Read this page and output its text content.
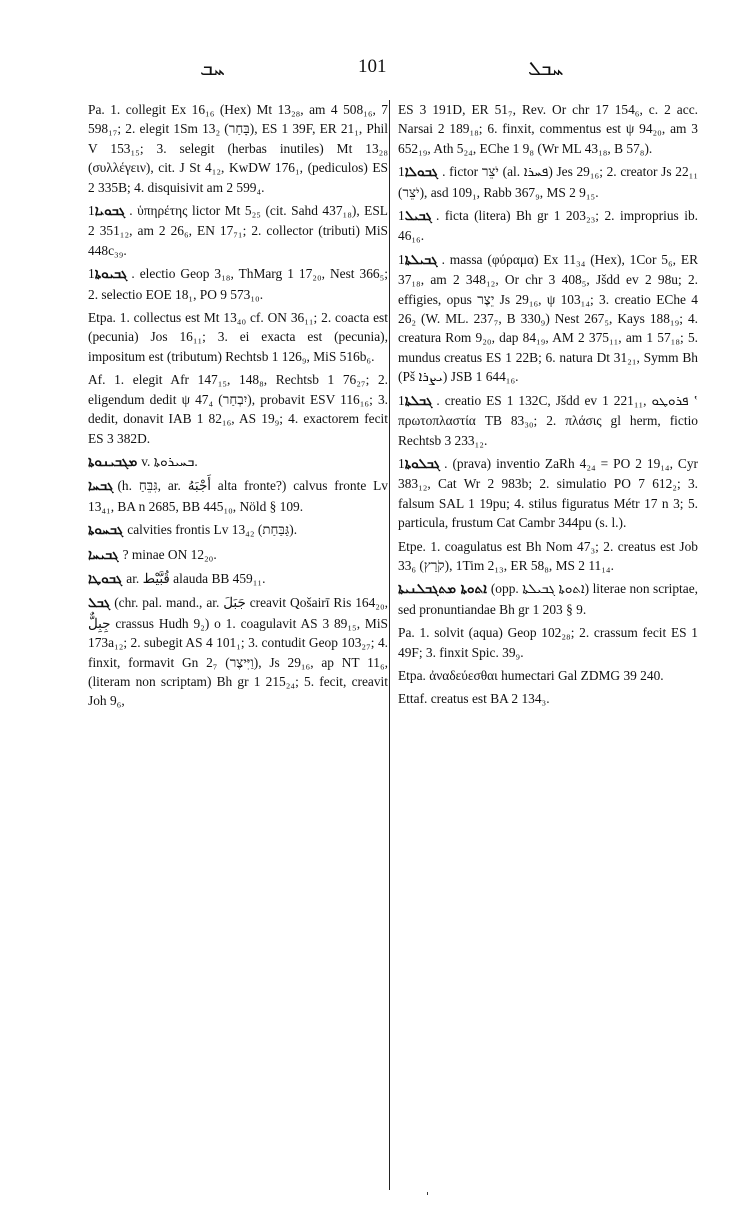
ܚܒ	101	ܚܒܠ

Pa. 1. collegit Ex 16₁₆ (Hex) Mt 13₂₈, am 4 508₁₆, 7 598₁₇; 2. elegit 1Sm 13₂ (בָּחַר), ES 1 39F, ER 21₁, Phil V 153₁₅; 3. selegit (herbas inutiles) Mt 13₂₈ (συλλέγειν), cit. J St 4₁₂, KwDW 176₁, (pediculos) ES 2 335B; 4. disquisivit am 2 599₄.

ܓܒܘܝܐ1. ὑπηρέτης lictor Mt 5₂₅ (cit. Sahd 437₁₈), ESL 2 351₁₂, am 2 26₆, EN 17₇₁; 2. collector (tributi) MiS 448c₃₉.

ܓܒܝܘܬܐ1. electio Geop 3₁₈, ThMarg 1 17₂₀, Nest 366₅; 2. selectio EOE 18₁, PO 9 573₁₀.

Etpa. 1. collectus est Mt 13₄₀ cf. ON 36₁₁; 2. coacta est (pecunia) Jos 16₁₁; 3. ei exacta est (pecunia), impositum est (tributum) Rechtsb 1 126₉, MiS 516b₆.

Af. 1. elegit Afr 147₁₅, 148₈, Rechtsb 1 76₂₇; 2. eligendum dedit ψ 47₄ (יִבְחַר), probavit ESV 116₁₆; 3. dedit, donavit IAB 1 82₁₆, AS 19₉; 4. exactorem fecit ES 3 382D.

ܡܓܒܝܢܘܬܐ v. ܒܚܝܪܘܬܐ.

ܓܒܚܐ (h. גִּבֵּחַ, ar. أَجْبَهُ alta fronte?) calvus fronte Lv 13₄₁, BA n 2685, BB 445₁₀, Nöld § 109.

ܓܒܚܘܬܐ calvities frontis Lv 13₄₂ (גַּבַּחַת).

ܓܒܝܚܐ ? minae ON 12₂₀.

ܓܒܘܛܐ ar. قُبَّيْط alauda BB 459₁₁.

ܓܒܠ (chr. pal. mand., ar. جَبَلَ creavit Qošairī Ris 164₂₀, جِبِلٌّ crassus Hudh 9₂) o 1. coagulavit AS 3 89₁₅, MiS 173a₁₂; 2. subegit AS 4 101₁; 3. contudit Geop 103₂₇; 4. finxit, formavit Gn 2₇ (וַיִּיצֶר), Js 29₁₆, ap NT 11₆, (literam non scriptam) Bh gr 1 215₂₄; 5. fecit, creavit Joh 9₆,

ES 3 191D, ER 51₇, Rev. Or chr 17 154₆, c. 2 acc. Narsai 2 189₁₈; 6. finxit, commentus est ψ 94₂₀, am 3 652₁₉, Ath 5₂₄, EChe 1 9₈ (Wr ML 43₁₈, B 57₈).

ܓܒܘܠܐ1. fictor יֹצֵר (al. ܦܚܪܐ) Jes 29₁₆; 2. creator Js 22₁₁ (יֹצֵר), asd 109₁, Rabb 367₉, MS 2 9₁₅.

ܓܒܝܠ1. ficta (litera) Bh gr 1 203₂₃; 2. improprius ib. 46₁₆.

ܓܒܝܠܬܐ1. massa (φύραμα) Ex 11₃₄ (Hex), 1Cor 5₆, ER 37₁₈, am 2 348₁₂, Or chr 3 408₅, Jšdd ev 2 98u; 2. effigies, opus יֵצֶר Js 29₁₆, ψ 103₁₄; 3. creatio EChe 4 26₂ (W. ML. 237₇, B 330₉) Nest 267₅, Kays 188₁₉; 4. creatura Rom 9₂₀, dap 84₁₉, AM 2 375₁₁, am 1 57₁₈; 5. mundus creatus ES 1 22B; 6. natura Dt 31₂₁, Symm Bh (Pš ܝܨܪܐ) JSB 1 644₁₆.

ܓܒܠܬܐ1. creatio ES 1 132C, Jšdd ev 1 221₁₁, ܦܪܘܛܘ ‛ πρωτοπλαστία TB 83₃₀; 2. πλάσις gl herm, fictio Rechtsb 3 233₁₂.

ܓܒܠܘܬܐ1. (prava) inventio ZaRh 4₂₄ = PO 2 19₁₄, Cyr 383₁₂, Cat Wr 2 983b; 2. simulatio PO 7 612₂; 3. falsum SAL 1 19pu; 4. stilus figuratus Métr 17 n 3; 5. particula, frustum Cat Cambr 344pu (s. l.).

Etpe. 1. coagulatus est Bh Nom 47₃; 2. creatus est Job 33₆ (קֹרַץ), 1Tim 2₁₃, ER 58₈, MS 2 11₁₄.

ܐܬܘܬܐ ܡܬܓܒܠܢܝܬܐ (opp. ܐܬܘܬܐ ܓܒܝܠܬܐ) literae non scriptae, sed pronuntiandae Bh gr 1 203 § 9.

Pa. 1. solvit (aqua) Geop 102₂₈; 2. crassum fecit ES 1 49F; 3. finxit Spic. 39₉.

Etpa. ἀναδεύεσθαι humectari Gal ZDMG 39 240.

Ettaf. creatus est BA 2 134₃.

'
